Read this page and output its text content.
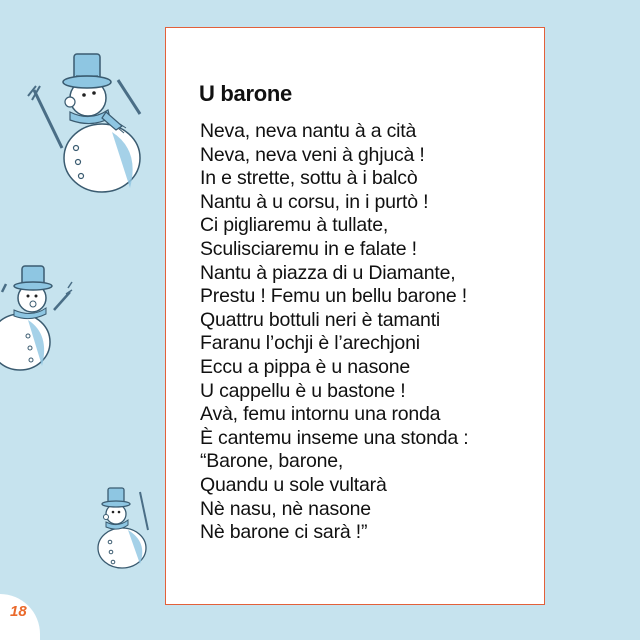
U barone
Neva, neva nantu à a cità
Neva, neva veni à ghjucà !
In e strette, sottu à i balcò
Nantu à u corsu, in i purtò !
Ci pigliaremu à tullate,
Sculisciaremu in e falate !
Nantu à piazza di u Diamante,
Prestu ! Femu un bellu barone !
Quattru bottuli neri è tamanti
Faranu l’ochji è l’arechjoni
Eccu a pippa è u nasone
U cappellu è u bastone !
Avà, femu intornu una ronda
È cantemu inseme una stonda :
“Barone, barone,
Quandu u sole vultarà
Nè nasu, nè nasone
Nè barone ci sarà !”
18
